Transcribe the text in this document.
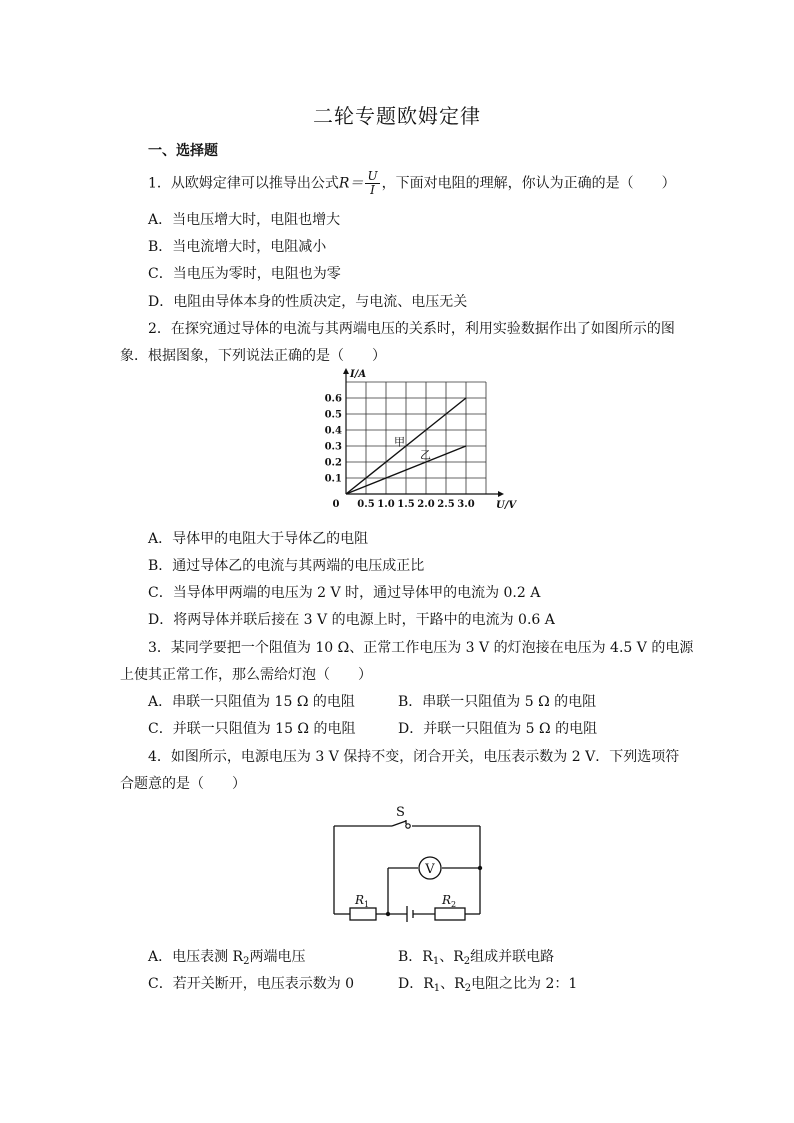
二轮专题欧姆定律
一、选择题
1．从欧姆定律可以推导出公式$R= \frac{U}{I}$ ，下面对电阻的理解，你认为正确的是（　　）
A．当电压增大时，电阻也增大
B．当电流增大时，电阻减小
C．当电压为零时，电阻也为零
D．电阻由导体本身的性质决定，与电流、电压无关
2．在探究通过导体的电流与其两端电压的关系时，利用实验数据作出了如图所示的图
象．根据图象，下列说法正确的是（　　）
I/A
U/V
0 0.5 1.0 1.5 2.0 2.5 3.0
0.1
0.2
0.3
0.4
0.5
0.6
甲
乙
A．导体甲的电阻大于导体乙的电阻
B．通过导体乙的电流与其两端的电压成正比
C．当导体甲两端的电压为 2 V 时，通过导体甲的电流为 0.2 A
D．将两导体并联后接在 3 V 的电源上时，干路中的电流为 0.6 A
3．某同学要把一个阻值为 10 Ω、正常工作电压为 3 V 的灯泡接在电压为 4.5 V 的电源
上使其正常工作，那么需给灯泡（　　）
A．串联一只阻值为 15 Ω 的电阻	B．串联一只阻值为 5 Ω 的电阻
C．并联一只阻值为 15 Ω 的电阻	D．并联一只阻值为 5 Ω 的电阻
4．如图所示，电源电压为 3 V 保持不变，闭合开关，电压表示数为 2 V．下列选项符
合题意的是（　　）
S
V
$R_1$	$R_2$
A．电压表测 $R_2$两端电压	B．$R_1$、$R_2$组成并联电路
C．若开关断开，电压表示数为 0	D．$R_1$、$R_2$电阻之比为 2：1
